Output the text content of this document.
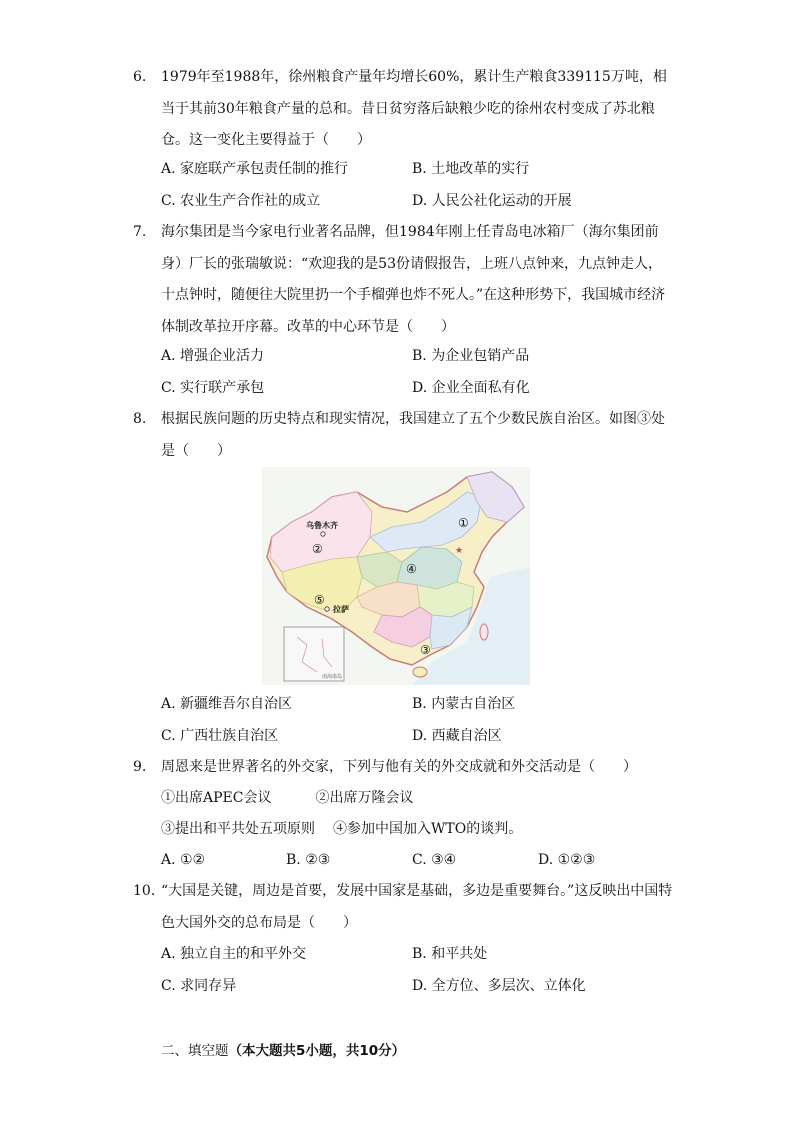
6.	1979年至1988年，徐州粮食产量年均增长60%，累计生产粮食339115万吨，相当于其前30年粮食产量的总和。昔日贫穷落后缺粮少吃的徐州农村变成了苏北粮仓。这一变化主要得益于（　　）
A. 家庭联产承包责任制的推行	B. 土地改革的实行
C. 农业生产合作社的成立	D. 人民公社化运动的开展
7.	海尔集团是当今家电行业著名品牌，但1984年刚上任青岛电冰箱厂（海尔集团前身）厂长的张瑞敏说：“欢迎我的是53份请假报告，上班八点钟来，九点钟走人，十点钟时，随便往大院里扔一个手榴弹也炸不死人。”在这种形势下，我国城市经济体制改革拉开序幕。改革的中心环节是（　　）
A. 增强企业活力	B. 为企业包销产品
C. 实行联产承包	D. 企业全面私有化
8.	根据民族问题的历史特点和现实情况，我国建立了五个少数民族自治区。如图③处是（　　）
★
南海诸岛
乌鲁木齐
拉萨
①
②
③
④
⑤
A. 新疆维吾尔自治区	B. 内蒙古自治区
C. 广西壮族自治区	D. 西藏自治区
9.	周恩来是世界著名的外交家，下列与他有关的外交成就和外交活动是（　　）
①出席APEC会议	②出席万隆会议
③提出和平共处五项原则 ④参加中国加入WTO的谈判。
A. ①②	B. ②③	C. ③④	D. ①②③
10. “大国是关键，周边是首要，发展中国家是基础，多边是重要舞台。”这反映出中国特色大国外交的总布局是（　　）
A. 独立自主的和平外交	B. 和平共处
C. 求同存异	D. 全方位、多层次、立体化
二、填空题（本大题共5小题，共10分）
